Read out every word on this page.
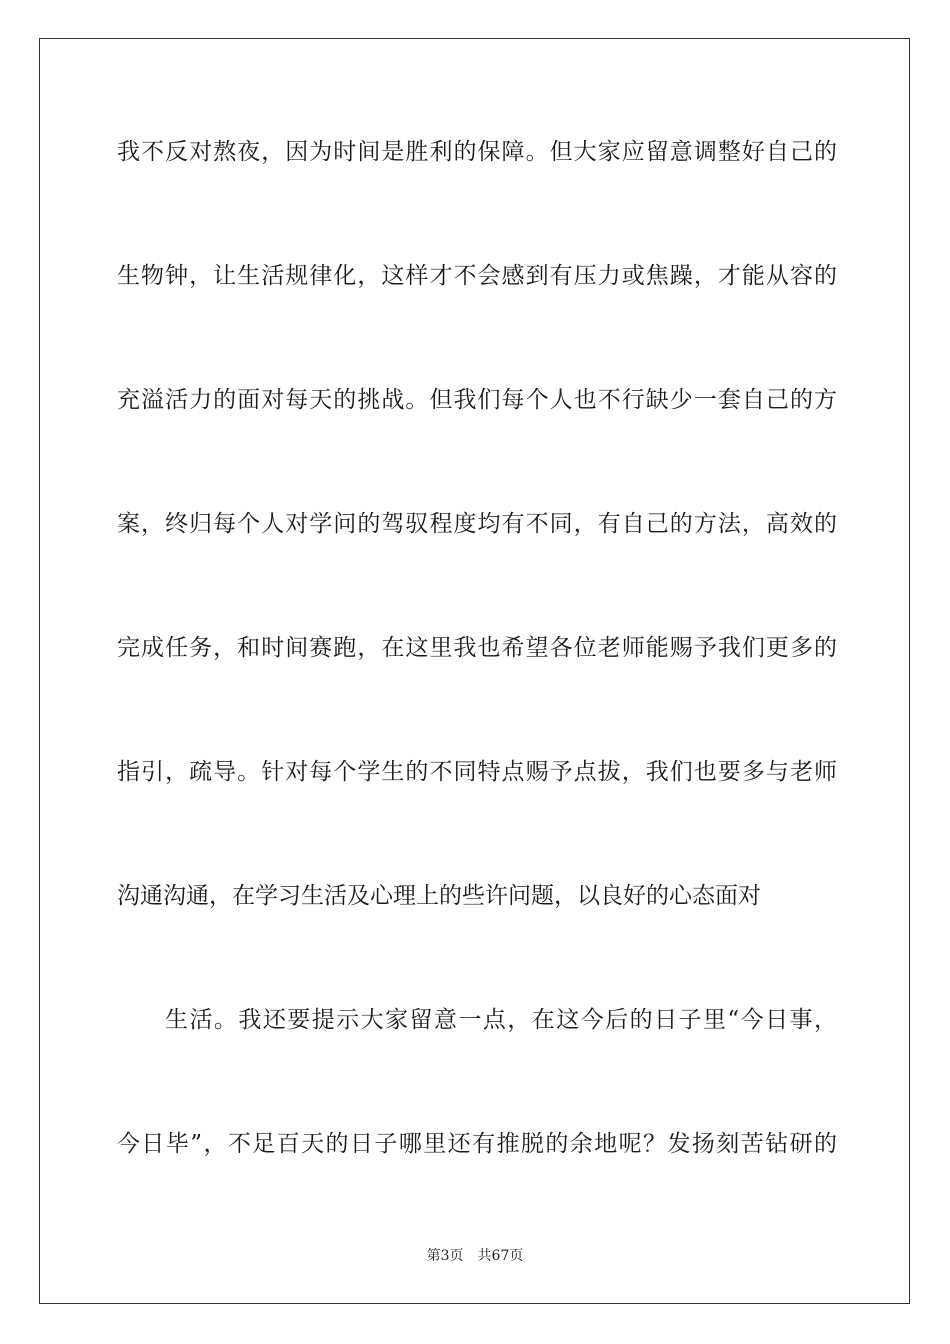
我不反对熬夜，因为时间是胜利的保障。但大家应留意调整好自己的
生物钟，让生活规律化，这样才不会感到有压力或焦躁，才能从容的
充溢活力的面对每天的挑战。但我们每个人也不行缺少一套自己的方
案，终归每个人对学问的驾驭程度均有不同，有自己的方法，高效的
完成任务，和时间赛跑，在这里我也希望各位老师能赐予我们更多的
指引，疏导。针对每个学生的不同特点赐予点拔，我们也要多与老师
沟通沟通，在学习生活及心理上的些许问题，以良好的心态面对
生活。我还要提示大家留意一点，在这今后的日子里“今日事，
今日毕”，不足百天的日子哪里还有推脱的余地呢？发扬刻苦钻研的
第3页 共67页
